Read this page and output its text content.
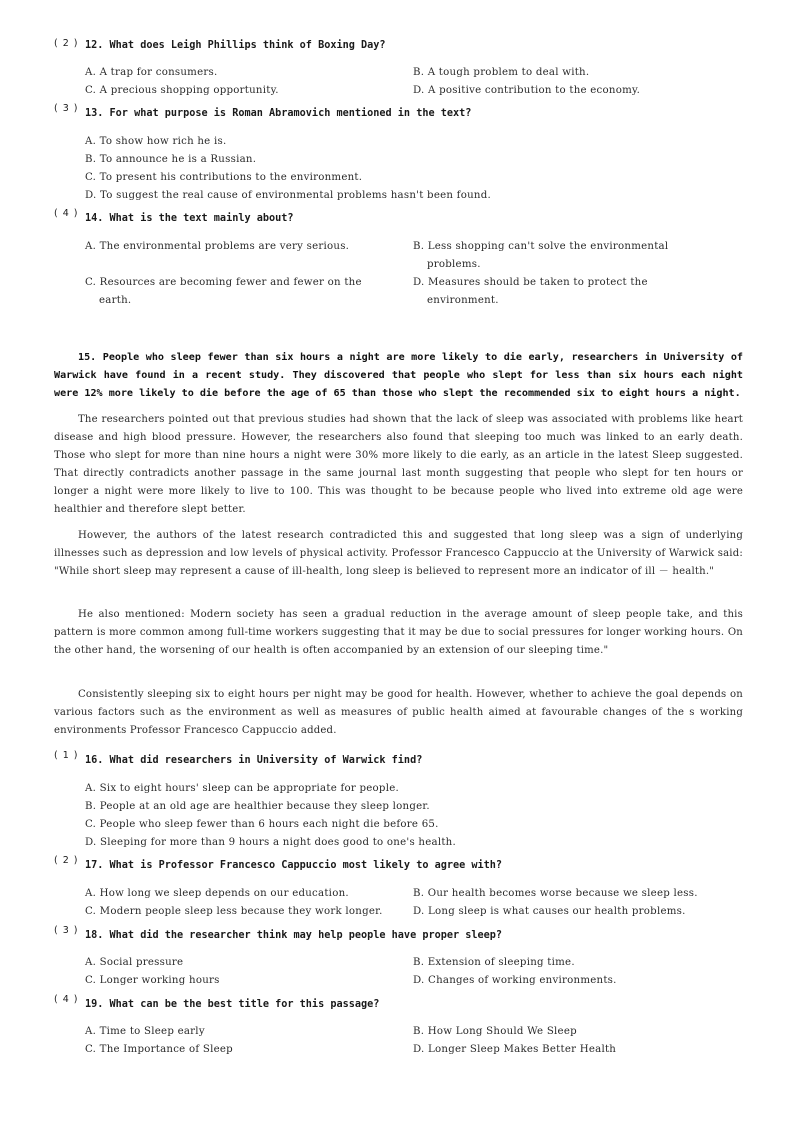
( 2 ) 12. What does Leigh Phillips think of Boxing Day?
A. A trap for consumers.	B. A tough problem to deal with.
C. A precious shopping opportunity.	D. A positive contribution to the economy.
( 3 ) 13. For what purpose is Roman Abramovich mentioned in the text?
A. To show how rich he is.
B. To announce he is a Russian.
C. To present his contributions to the environment.
D. To suggest the real cause of environmental problems hasn't been found.
( 4 ) 14. What is the text mainly about?
A. The environmental problems are very serious.	B. Less shopping can't solve the environmental problems.
C. Resources are becoming fewer and fewer on the earth.
D. Measures should be taken to protect the environment.
15. People who sleep fewer than six hours a night are more likely to die early, researchers in University of Warwick have found in a recent study. They discovered that people who slept for less than six hours each night were 12% more likely to die before the age of 65 than those who slept the recommended six to eight hours a night.
The researchers pointed out that previous studies had shown that the lack of sleep was associated with problems like heart disease and high blood pressure. However, the researchers also found that sleeping too much was linked to an early death. Those who slept for more than nine hours a night were 30% more likely to die early, as an article in the latest Sleep suggested. That directly contradicts another passage in the same journal last month suggesting that people who slept for ten hours or longer a night were more likely to live to 100. This was thought to be because people who lived into extreme old age were healthier and therefore slept better.
However, the authors of the latest research contradicted this and suggested that long sleep was a sign of underlying illnesses such as depression and low levels of physical activity. Professor Francesco Cappuccio at the University of Warwick said: "While short sleep may represent a cause of ill-health, long sleep is believed to represent more an indicator of ill － health."
He also mentioned: Modern society has seen a gradual reduction in the average amount of sleep people take, and this pattern is more common among full-time workers suggesting that it may be due to social pressures for longer working hours. On the other hand, the worsening of our health is often accompanied by an extension of our sleeping time."
Consistently sleeping six to eight hours per night may be good for health. However, whether to achieve the goal depends on various factors such as the environment as well as measures of public health aimed at favourable changes of the s working environments Professor Francesco Cappuccio added.
( 1 ) 16. What did researchers in University of Warwick find?
A. Six to eight hours' sleep can be appropriate for people.
B. People at an old age are healthier because they sleep longer.
C. People who sleep fewer than 6 hours each night die before 65.
D. Sleeping for more than 9 hours a night does good to one's health.
( 2 ) 17. What is Professor Francesco Cappuccio most likely to agree with?
A. How long we sleep depends on our education.	B. Our health becomes worse because we sleep less.
C. Modern people sleep less because they work longer.	D. Long sleep is what causes our health problems.
( 3 ) 18. What did the researcher think may help people have proper sleep?
A. Social pressure	B. Extension of sleeping time.
C. Longer working hours	D. Changes of working environments.
( 4 ) 19. What can be the best title for this passage?
A. Time to Sleep early	B. How Long Should We Sleep
C. The Importance of Sleep	D. Longer Sleep Makes Better Health
